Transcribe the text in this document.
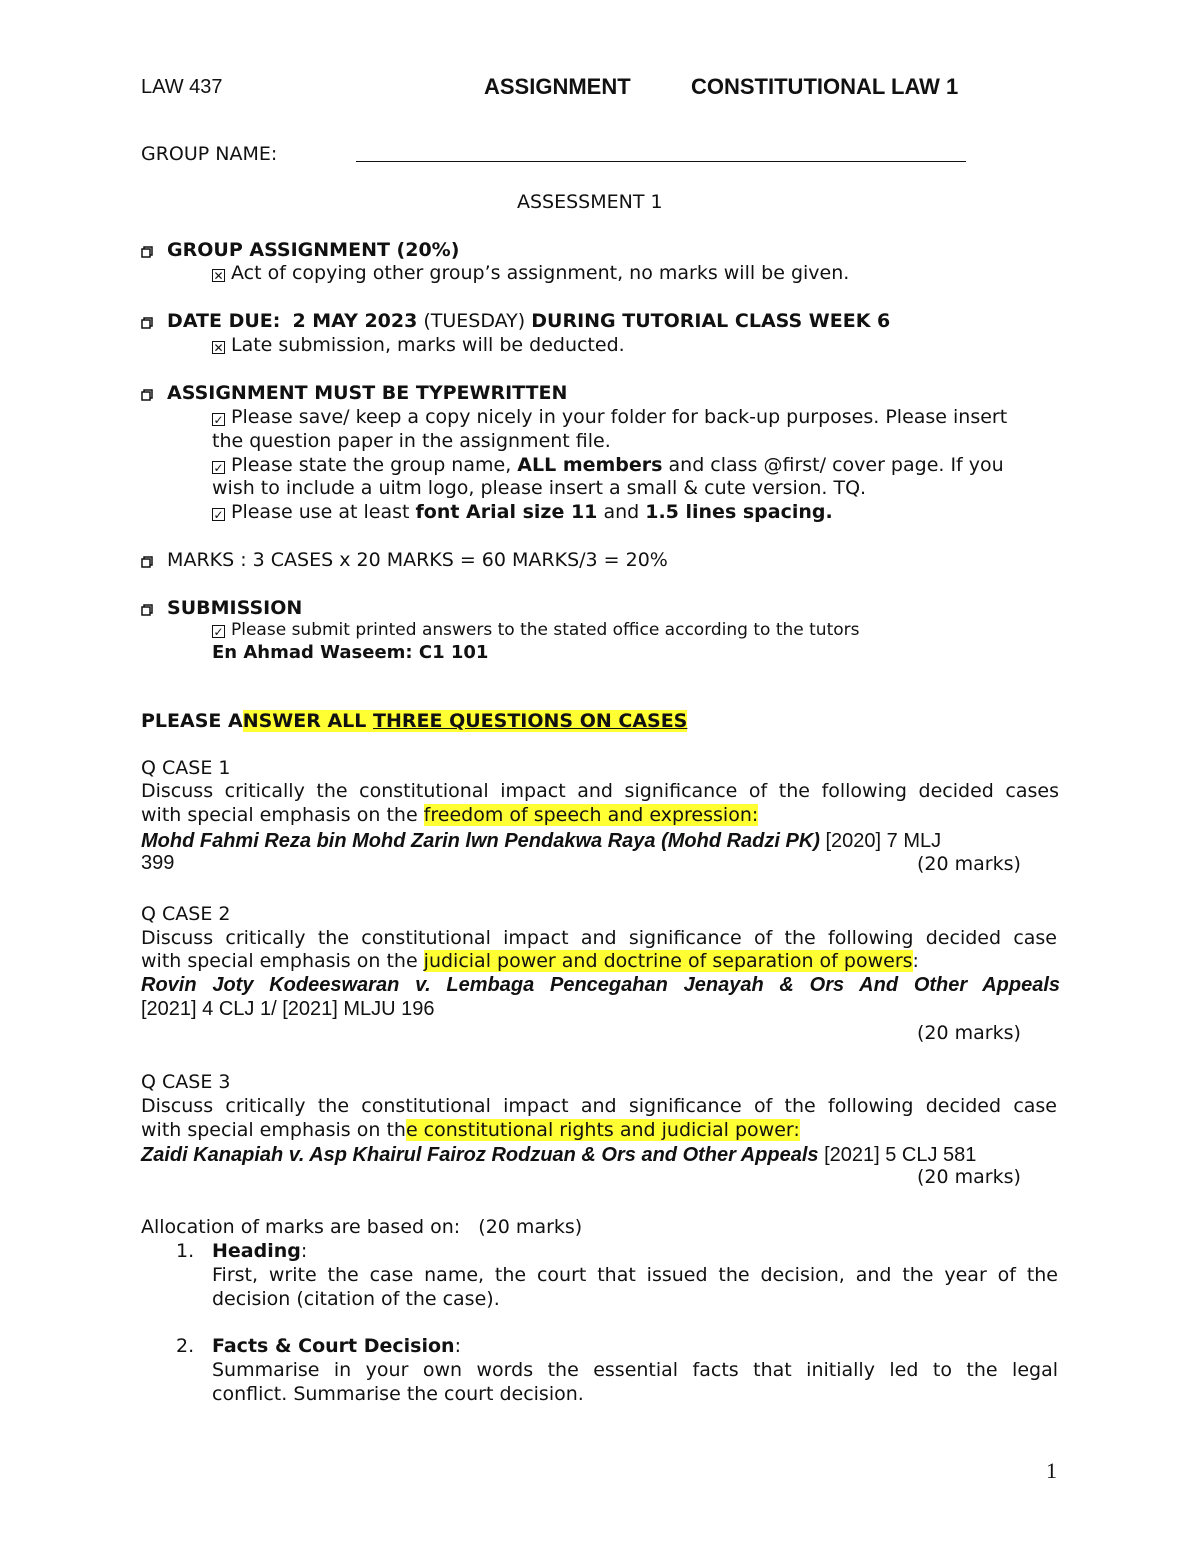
LAW 437	ASSIGNMENT	CONSTITUTIONAL LAW 1
GROUP NAME:
ASSESSMENT 1
GROUP ASSIGNMENT (20%)
✕ Act of copying other group’s assignment, no marks will be given.
DATE DUE: 2 MAY 2023 (TUESDAY) DURING TUTORIAL CLASS WEEK 6
✕ Late submission, marks will be deducted.
ASSIGNMENT MUST BE TYPEWRITTEN
✓ Please save/ keep a copy nicely in your folder for back-up purposes. Please insert
the question paper in the assignment file.
✓ Please state the group name, ALL members and class @first/ cover page. If you
wish to include a uitm logo, please insert a small & cute version. TQ.
✓ Please use at least font Arial size 11 and 1.5 lines spacing.
MARKS : 3 CASES x 20 MARKS = 60 MARKS/3 = 20%
SUBMISSION
✓ Please submit printed answers to the stated office according to the tutors
En Ahmad Waseem: C1 101
PLEASE ANSWER ALL THREE QUESTIONS ON CASES
Q CASE 1
Discuss critically the constitutional impact and significance of the following decided cases
with special emphasis on the freedom of speech and expression:
Mohd Fahmi Reza bin Mohd Zarin lwn Pendakwa Raya (Mohd Radzi PK) [2020] 7 MLJ
399	(20 marks)
Q CASE 2
Discuss critically the constitutional impact and significance of the following decided case
with special emphasis on the judicial power and doctrine of separation of powers:
Rovin Joty Kodeeswaran v. Lembaga Pencegahan Jenayah & Ors And Other Appeals
[2021] 4 CLJ 1/ [2021] MLJU 196
(20 marks)
Q CASE 3
Discuss critically the constitutional impact and significance of the following decided case
with special emphasis on the constitutional rights and judicial power:
Zaidi Kanapiah v. Asp Khairul Fairoz Rodzuan & Ors and Other Appeals [2021] 5 CLJ 581
(20 marks)
Allocation of marks are based on:   (20 marks)
1. Heading:
First, write the case name, the court that issued the decision, and the year of the
decision (citation of the case).
2. Facts & Court Decision:
Summarise in your own words the essential facts that initially led to the legal
conflict. Summarise the court decision.
1
